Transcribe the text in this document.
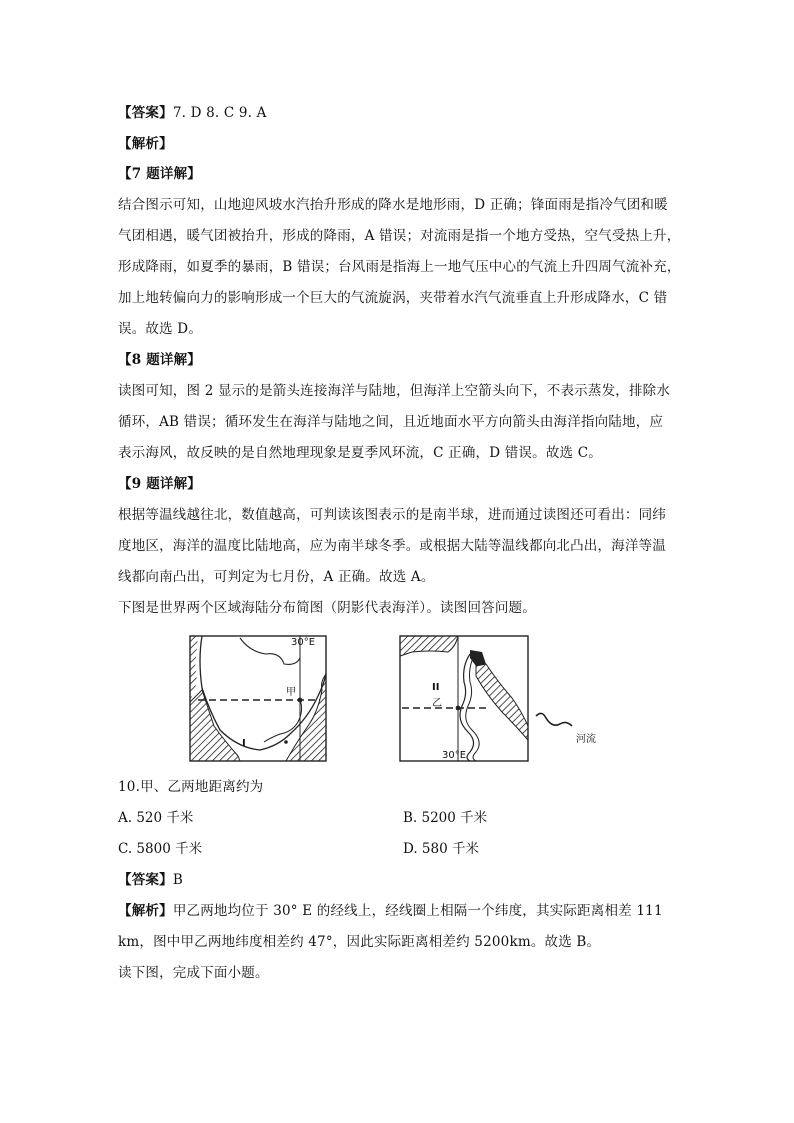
【答案】7. D 8. C 9. A
【解析】
【7 题详解】
结合图示可知，山地迎风坡水汽抬升形成的降水是地形雨，D 正确；锋面雨是指冷气团和暖
气团相遇，暖气团被抬升，形成的降雨，A 错误；对流雨是指一个地方受热，空气受热上升，
形成降雨，如夏季的暴雨，B 错误；台风雨是指海上一地气压中心的气流上升四周气流补充，
加上地转偏向力的影响形成一个巨大的气流旋涡，夹带着水汽气流垂直上升形成降水，C 错
误。故选 D。
【8 题详解】
读图可知，图 2 显示的是箭头连接海洋与陆地，但海洋上空箭头向下，不表示蒸发，排除水
循环，AB 错误；循环发生在海洋与陆地之间，且近地面水平方向箭头由海洋指向陆地，应
表示海风，故反映的是自然地理现象是夏季风环流，C 正确，D 错误。故选 C。
【9 题详解】
根据等温线越往北，数值越高，可判读该图表示的是南半球，进而通过读图还可看出：同纬
度地区，海洋的温度比陆地高，应为南半球冬季。或根据大陆等温线都向北凸出，海洋等温
线都向南凸出，可判定为七月份，A 正确。故选 A。
下图是世界两个区域海陆分布简图（阴影代表海洋）。读图回答问题。
30°E
甲
I
II
乙
30°E
河流
10.甲、乙两地距离约为
A. 520 千米	B. 5200 千米
C. 5800 千米	D. 580 千米
【答案】B
【解析】甲乙两地均位于 30° E 的经线上，经线圈上相隔一个纬度，其实际距离相差 111
km，图中甲乙两地纬度相差约 47°，因此实际距离相差约 5200km。故选 B。
读下图，完成下面小题。
